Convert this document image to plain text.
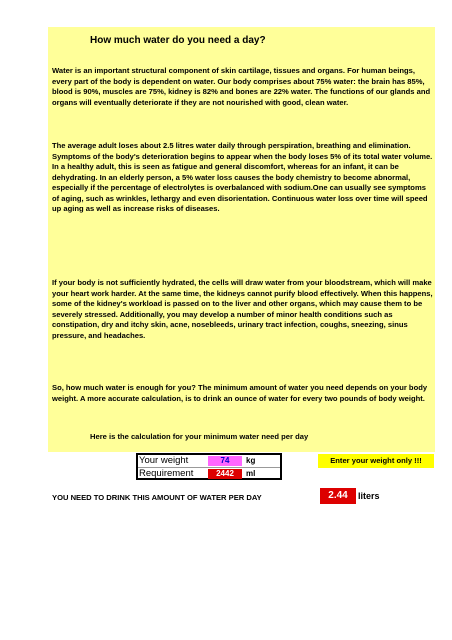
How much water do you need a day?
Water is an important structural component of skin cartilage, tissues and organs. For human beings, every part of the body is dependent on water. Our body comprises about 75% water: the brain has 85%, blood is 90%, muscles are 75%, kidney is 82% and bones are 22% water. The functions of our glands and organs will eventually deteriorate if they are not nourished with good, clean water.
The average adult loses about 2.5 litres water daily through perspiration, breathing and elimination. Symptoms of the body's deterioration begins to appear when the body loses 5% of its total water volume. In a healthy adult, this is seen as fatigue and general discomfort, whereas for an infant, it can be dehydrating. In an elderly person, a 5% water loss causes the body chemistry to become abnormal, especially if the percentage of electrolytes is overbalanced with sodium.One can usually see symptoms of aging, such as wrinkles, lethargy and even disorientation. Continuous water loss over time will speed up aging as well as increase risks of diseases.
If your body is not sufficiently hydrated, the cells will draw water from your bloodstream, which will make your heart work harder. At the same time, the kidneys cannot purify blood effectively. When this happens, some of the kidney's workload is passed on to the liver and other organs, which may cause them to be severely stressed. Additionally, you may develop a number of minor health conditions such as constipation, dry and itchy skin, acne, nosebleeds, urinary tract infection, coughs, sneezing, sinus pressure, and headaches.
So, how much water is enough for you? The minimum amount of water you need depends on your body weight. A more accurate calculation, is to drink an ounce of water for every two pounds of body weight.
Here is the calculation for your minimum water need per day
Your weight	74	kg
Requirement	2442	ml
Enter your weight only !!!
YOU NEED TO DRINK THIS AMOUNT OF WATER PER DAY	2.44	liters
